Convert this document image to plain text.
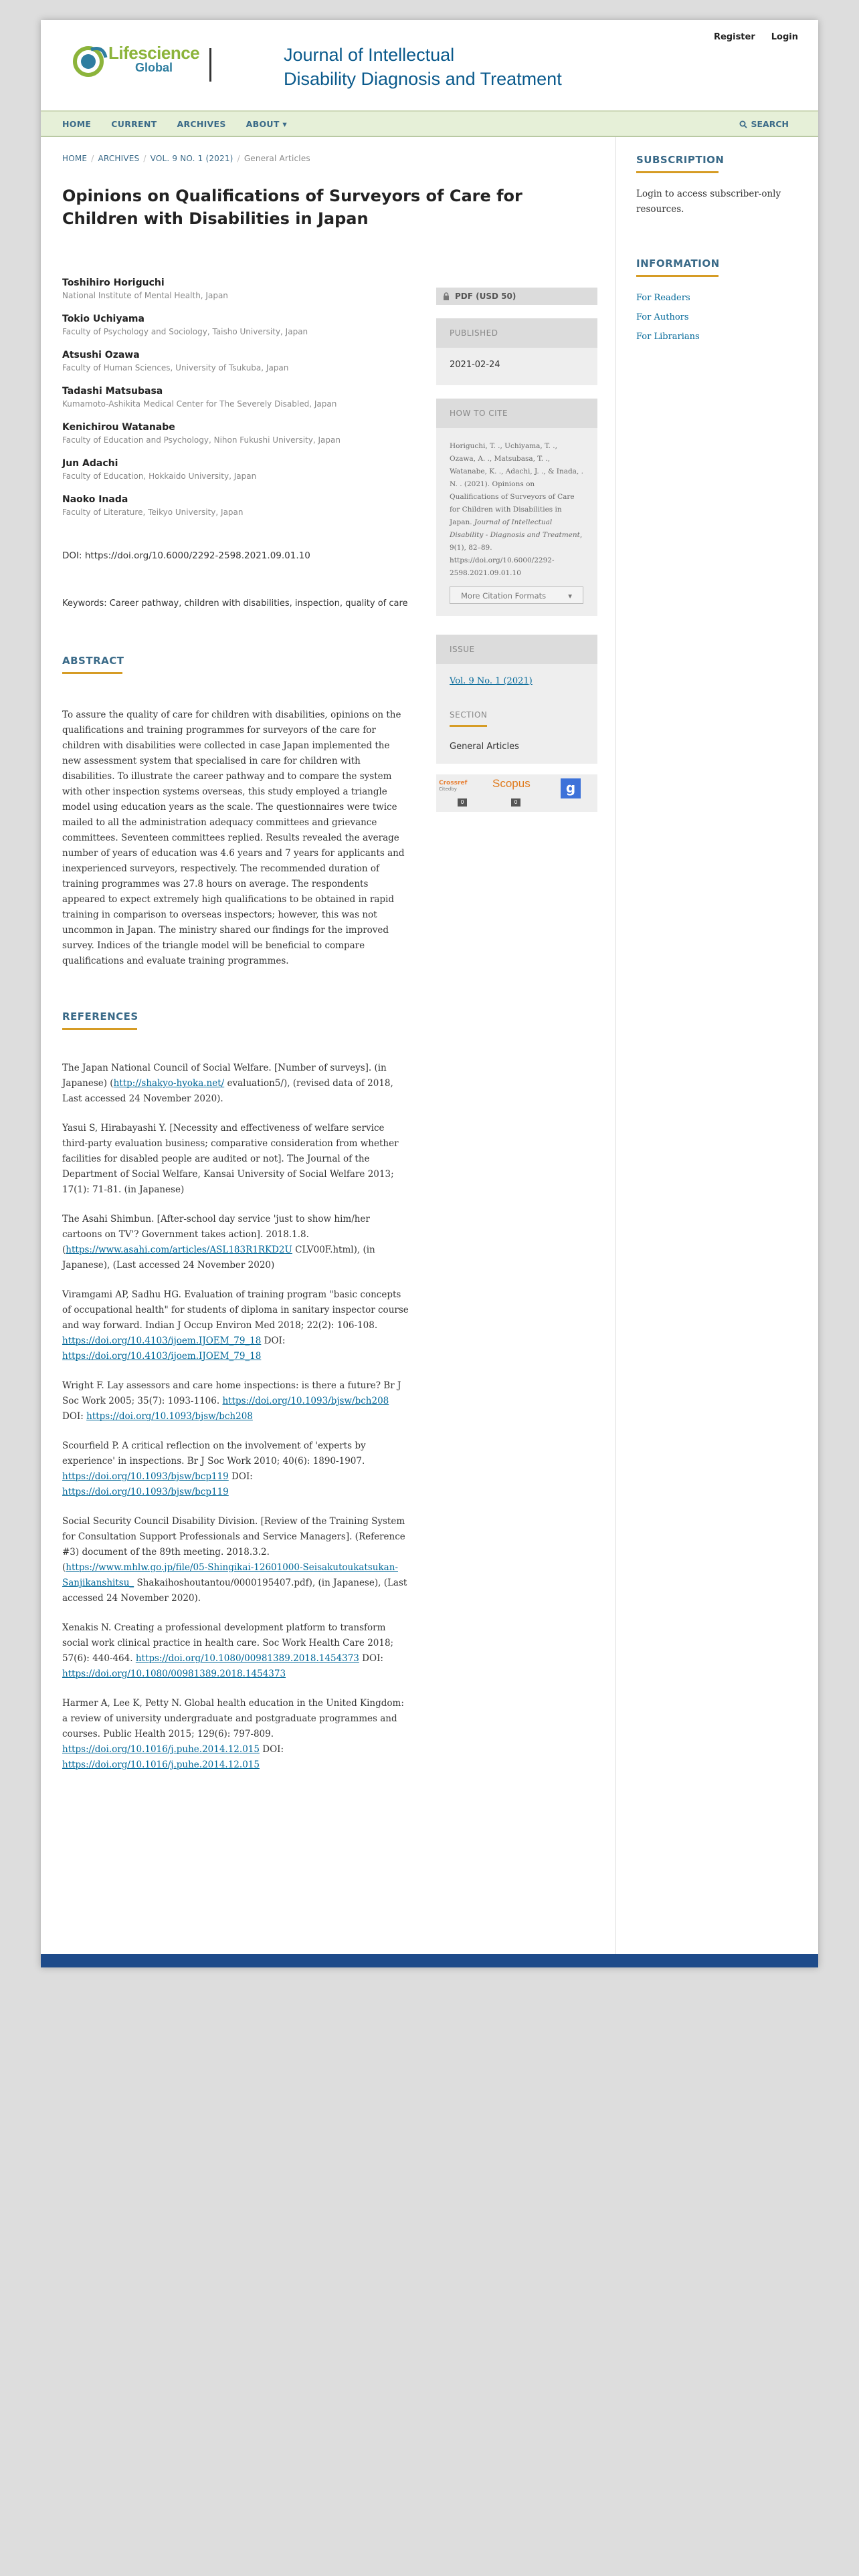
Register Login
Lifescience
Global
Journal of Intellectual
Disability Diagnosis and Treatment
HOME CURRENT ARCHIVES ABOUT ▾	SEARCH
HOME / ARCHIVES / VOL. 9 NO. 1 (2021) / General Articles
Opinions on Qualifications of Surveyors of Care for Children with Disabilities in Japan
Toshihiro Horiguchi
National Institute of Mental Health, Japan
Tokio Uchiyama
Faculty of Psychology and Sociology, Taisho University, Japan
Atsushi Ozawa
Faculty of Human Sciences, University of Tsukuba, Japan
Tadashi Matsubasa
Kumamoto-Ashikita Medical Center for The Severely Disabled, Japan
Kenichirou Watanabe
Faculty of Education and Psychology, Nihon Fukushi University, Japan
Jun Adachi
Faculty of Education, Hokkaido University, Japan
Naoko Inada
Faculty of Literature, Teikyo University, Japan
DOI: https://doi.org/10.6000/2292-2598.2021.09.01.10
Keywords: Career pathway, children with disabilities, inspection, quality of care
ABSTRACT
To assure the quality of care for children with disabilities, opinions on the qualifications and training programmes for surveyors of the care for children with disabilities were collected in case Japan implemented the new assessment system that specialised in care for children with disabilities. To illustrate the career pathway and to compare the system with other inspection systems overseas, this study employed a triangle model using education years as the scale. The questionnaires were twice mailed to all the administration adequacy committees and grievance committees. Seventeen committees replied. Results revealed the average number of years of education was 4.6 years and 7 years for applicants and inexperienced surveyors, respectively. The recommended duration of training programmes was 27.8 hours on average. The respondents appeared to expect extremely high qualifications to be obtained in rapid training in comparison to overseas inspectors; however, this was not uncommon in Japan. The ministry shared our findings for the improved survey. Indices of the triangle model will be beneficial to compare qualifications and evaluate training programmes.
REFERENCES
The Japan National Council of Social Welfare. [Number of surveys]. (in Japanese) (http://shakyo-hyoka.net/ evaluation5/), (revised data of 2018, Last accessed 24 November 2020).
Yasui S, Hirabayashi Y. [Necessity and effectiveness of welfare service third-party evaluation business; comparative consideration from whether facilities for disabled people are audited or not]. The Journal of the Department of Social Welfare, Kansai University of Social Welfare 2013; 17(1): 71-81. (in Japanese)
The Asahi Shimbun. [After-school day service 'just to show him/her cartoons on TV'? Government takes action]. 2018.1.8. (https://www.asahi.com/articles/ASL183R1RKD2U CLV00F.html), (in Japanese), (Last accessed 24 November 2020)
Viramgami AP, Sadhu HG. Evaluation of training program "basic concepts of occupational health" for students of diploma in sanitary inspector course and way forward. Indian J Occup Environ Med 2018; 22(2): 106-108. https://doi.org/10.4103/ijoem.IJOEM_79_18 DOI: https://doi.org/10.4103/ijoem.IJOEM_79_18
Wright F. Lay assessors and care home inspections: is there a future? Br J Soc Work 2005; 35(7): 1093-1106. https://doi.org/10.1093/bjsw/bch208 DOI: https://doi.org/10.1093/bjsw/bch208
Scourfield P. A critical reflection on the involvement of 'experts by experience' in inspections. Br J Soc Work 2010; 40(6): 1890-1907. https://doi.org/10.1093/bjsw/bcp119 DOI: https://doi.org/10.1093/bjsw/bcp119
Social Security Council Disability Division. [Review of the Training System for Consultation Support Professionals and Service Managers]. (Reference #3) document of the 89th meeting. 2018.3.2. (https://www.mhlw.go.jp/file/05-Shingikai-12601000-Seisakutoukatsukan-Sanjikanshitsu_ Shakaihoshoutantou/0000195407.pdf), (in Japanese), (Last accessed 24 November 2020).
Xenakis N. Creating a professional development platform to transform social work clinical practice in health care. Soc Work Health Care 2018; 57(6): 440-464. https://doi.org/10.1080/00981389.2018.1454373 DOI: https://doi.org/10.1080/00981389.2018.1454373
Harmer A, Lee K, Petty N. Global health education in the United Kingdom: a review of university undergraduate and postgraduate programmes and courses. Public Health 2015; 129(6): 797-809. https://doi.org/10.1016/j.puhe.2014.12.015 DOI: https://doi.org/10.1016/j.puhe.2014.12.015
PDF (USD 50)
PUBLISHED
2021-02-24
HOW TO CITE
Horiguchi, T. ., Uchiyama, T. ., Ozawa, A. ., Matsubasa, T. ., Watanabe, K. ., Adachi, J. ., & Inada, . N. . (2021). Opinions on Qualifications of Surveyors of Care for Children with Disabilities in Japan. Journal of Intellectual Disability - Diagnosis and Treatment, 9(1), 82–89. https://doi.org/10.6000/2292-2598.2021.09.01.10
More Citation Formats	▾
ISSUE
Vol. 9 No. 1 (2021)
SECTION
General Articles
Crossref
Citedby
0
Scopus
0
g
SUBSCRIPTION
Login to access subscriber-only resources.
INFORMATION
For Readers
For Authors
For Librarians
